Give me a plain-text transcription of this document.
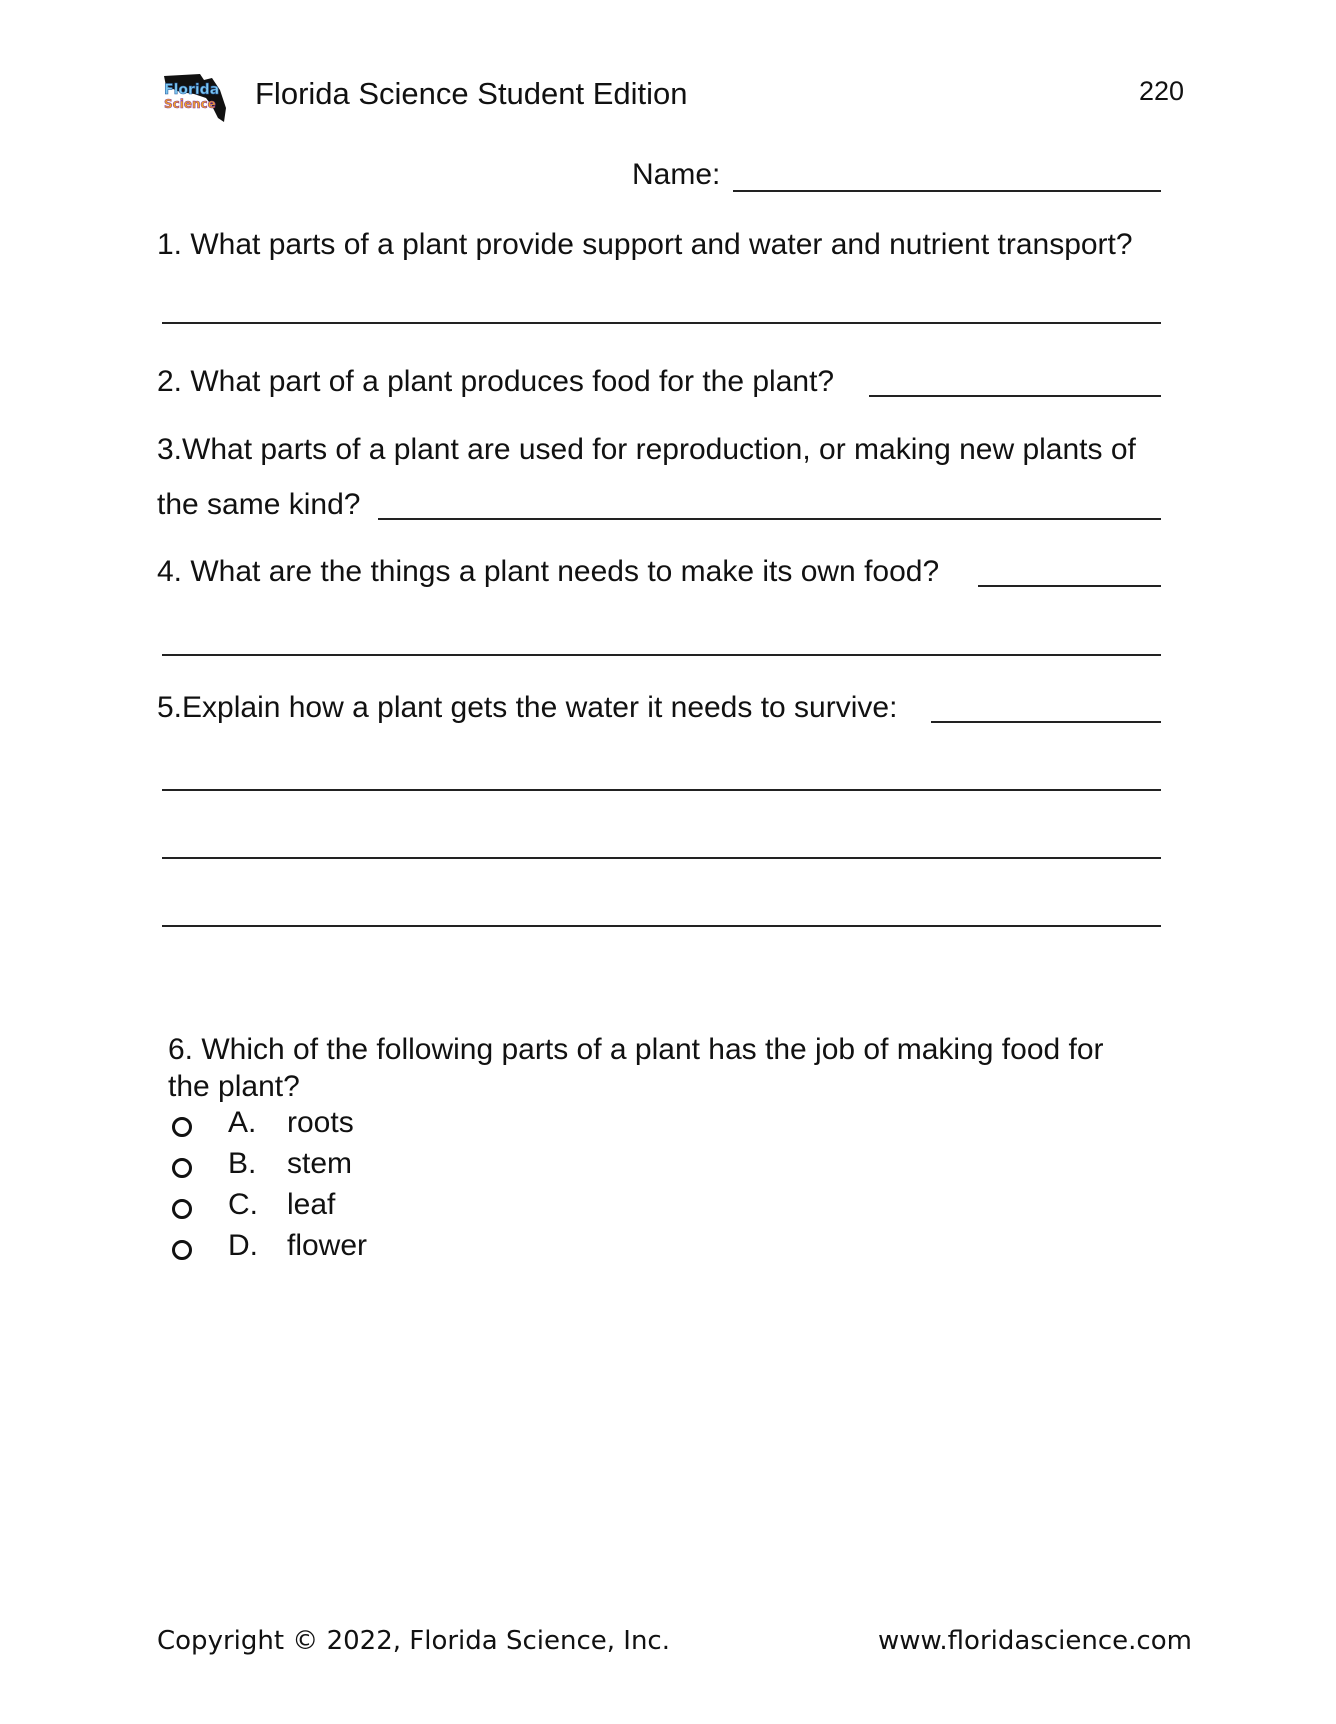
Florida
Science Florida Science Student Edition	220
Name:
1. What parts of a plant provide support and water and nutrient transport?
2. What part of a plant produces food for the plant?
3.What parts of a plant are used for reproduction, or making new plants of
the same kind?
4. What are the things a plant needs to make its own food?
5.Explain how a plant gets the water it needs to survive:
6. Which of the following parts of a plant has the job of making food for
the plant?
A. roots
B. stem
C. leaf
D. flower
Copyright © 2022, Florida Science, Inc.	www.floridascience.com
